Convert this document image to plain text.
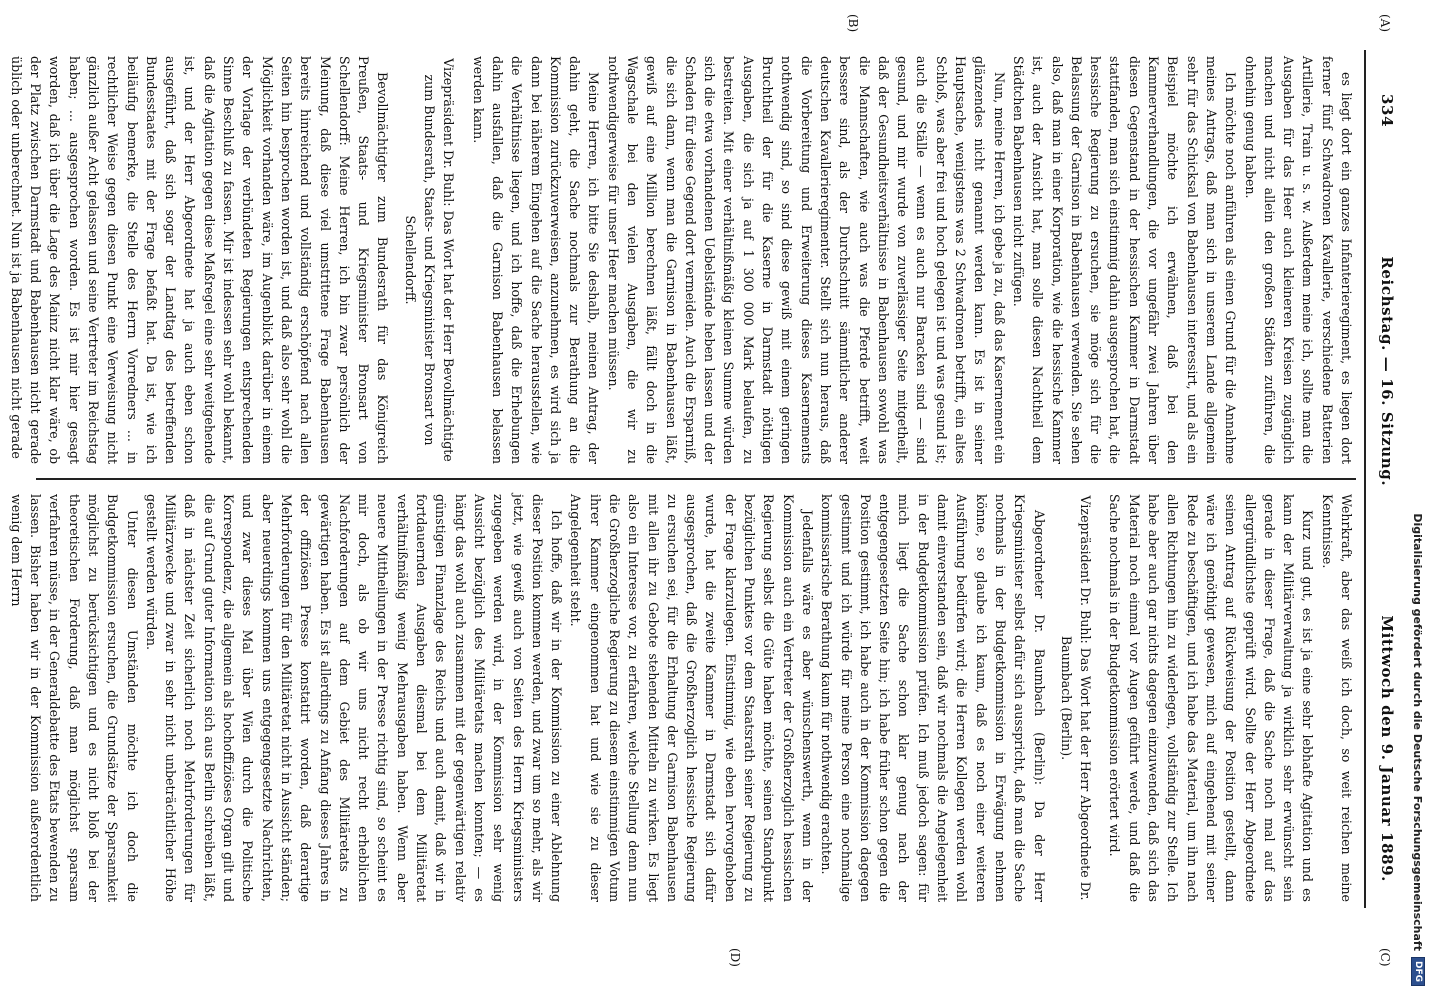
334
Reichstag. — 16. Sitzung.
Mittwoch den 9. Januar 1889.
(A)
(B)
(C)
(D)

es liegt dort ein ganzes Infanterieregiment, es liegen dort ferner fünf Schwadronen Kavallerie, verschiedene Batterien Artillerie, Train u. s. w. Außerdem meine ich, sollte man die Ausgaben für das Heer auch kleineren Kreisen zugänglich machen und nicht allein den großen Städten zuführen, die ohnehin genug haben.

Ich möchte noch anführen als einen Grund für die Annahme meines Antrags, daß man sich in unserem Lande allgemein sehr für das Schicksal von Babenhausen interessirt, und als ein Beispiel möchte ich erwähnen, daß bei den Kammerverhandlungen, die vor ungefähr zwei Jahren über diesen Gegenstand in der hessischen Kammer in Darmstadt stattfanden, man sich einstimmig dahin ausgesprochen hat, die hessische Regierung zu ersuchen, sie möge sich für die Belassung der Garnison in Babenhausen verwenden. Sie sehen also, daß man in einer Korporation, wie die hessische Kammer ist, auch der Ansicht hat, man solle diesen Nachtheil dem Städtchen Babenhausen nicht zufügen.

Nun, meine Herren, ich gebe ja zu, daß das Kasernement ein glänzendes nicht genannt werden kann. Es ist in seiner Hauptsache, wenigstens was 2 Schwadronen betrifft, ein altes Schloß, was aber frei und hoch gelegen ist und was gesund ist; auch die Ställe — wenn es auch nur Baracken sind — sind gesund, und mir wurde von zuverlässiger Seite mitgetheilt, daß der Gesundheitsverhältnisse in Babenhausen sowohl was die Mannschaften, wie auch was die Pferde betrifft, weit bessere sind, als der Durchschnitt sämmtlicher anderer deutschen Kavallerieregimenter. Stellt sich nun heraus, daß die Vorbereitung und Erweiterung dieses Kasernements nothwendig sind, so sind diese gewiß mit einem geringen Bruchtheil der für die Kaserne in Darmstadt nöthigen Ausgaben, die sich ja auf 1 300 000 Mark belaufen, zu bestreiten. Mit einer verhältnißmäßig kleinen Summe würden sich die etwa vorhandenen Uebelstände heben lassen und der Schaden für diese Gegend dort vermeiden. Auch die Ersparniß, die sich dann, wenn man die Garnison in Babenhausen läßt, gewiß auf eine Million berechnen läßt, fällt doch in die Wagschale bei den vielen Ausgaben, die wir zu nothwendigerweise für unser Heer machen müssen.

Meine Herren, ich bitte Sie deshalb, meinen Antrag, der dahin geht, die Sache nochmals zur Berathung an die Kommission zurückzuverweisen, anzunehmen, es wird sich ja dann bei näherem Eingehen auf die Sache herausstellen, wie die Verhältnisse liegen, und ich hoffe, daß die Erhebungen dahin ausfallen, daß die Garnison Babenhausen belassen werden kann.

Vizepräsident Dr. Buhl: Das Wort hat der Herr Bevollmächtigte zum Bundesrath, Staats- und Kriegsminister Bronsart von Schellendorff.

Bevollmächtigter zum Bundesrath für das Königreich Preußen, Staats- und Kriegsminister Bronsart von Schellendorff: Meine Herren, ich bin zwar persönlich der Meinung, daß diese viel umstrittene Frage Babenhausen bereits hinreichend und vollständig erschöpfend nach allen Seiten hin besprochen worden ist, und daß also sehr wohl die Möglichkeit vorhanden wäre, im Augenblick darüber in einem der Vorlage der verbündeten Regierungen entsprechenden Sinne Beschluß zu fassen. Mir ist indessen sehr wohl bekannt, daß die Agitation gegen diese Maßregel eine sehr weitgehende ist, und der Herr Abgeordnete hat ja auch eben schon ausgeführt, daß sich sogar der Landtag des betreffenden Bundesstaates mit der Frage befaßt hat. Da ist, wie ich beiläufig bemerke, die Stelle des Herrn Vorredners ... in rechtlicher Weise gegen diesen Punkt eine Verweisung nicht gänzlich außer Acht gelassen und seine Vertreter im Reichstag haben; ... ausgesprochen worden. Es ist mir hier gesagt worden, daß ich über die Lage des Mainz nicht klar wäre, ob der Platz zwischen Darmstadt und Babenhausen nicht gerade üblich oder unberechnet. Nun ist ja Babenhausen nicht gerade

Wehrkraft, aber das weiß ich doch, so weit reichen meine Kenntnisse.

Kurz und gut, es ist ja eine sehr lebhafte Agitation und es kann der Militärverwaltung ja wirklich sehr erwünscht sein gerade in dieser Frage, daß die Sache noch mal auf das allergründlichste geprüft wird. Sollte der Herr Abgeordnete seinen Antrag auf Rückweisung der Position gestellt, dann wäre ich genöthigt gewesen, mich auf eingehend mit seiner Rede zu beschäftigen, und ich habe das Material, um ihn nach allen Richtungen hin zu widerlegen, vollständig zur Stelle. Ich habe aber auch gar nichts dagegen einzuwenden, daß sich das Material noch einmal vor Augen geführt werde, und daß die Sache nochmals in der Budgetkommission erörtert wird.

Vizepräsident Dr. Buhl: Das Wort hat der Herr Abgeordnete Dr. Baumbach (Berlin).

Abgeordneter Dr. Baumbach (Berlin): Da der Herr Kriegsminister selbst dafür sich ausspricht, daß man die Sache nochmals in der Budgetkommission in Erwägung nehmen könne, so glaube ich kaum, daß es noch einer weiteren Ausführung bedürfen wird; die Herren Kollegen werden wohl damit einverstanden sein, daß wir nochmals die Angelegenheit in der Budgetkommission prüfen. Ich muß jedoch sagen: für mich liegt die Sache schon klar genug nach der entgegengesetzten Seite hin; ich habe früher schon gegen die Position gestimmt, ich habe auch in der Kommission dagegen gestimmt und ich würde für meine Person eine nochmalige kommissarische Berathung kaum für nothwendig erachten.

Jedenfalls wäre es aber wünschenswerth, wenn in der Kommission auch ein Vertreter der Großherzoglich hessischen Regierung selbst die Güte haben möchte, seinen Standpunkt bezüglichen Punktes vor dem Staatsrath seiner Regierung zu der Frage klarzulegen. Einstimmig, wie eben hervorgehoben wurde, hat die zweite Kammer in Darmstadt sich dafür ausgesprochen, daß die Großherzoglich hessische Regierung zu ersuchen sei, für die Erhaltung der Garnison Babenhausen mit allen ihr zu Gebote stehenden Mitteln zu wirken. Es liegt also ein Interesse vor, zu erfahren, welche Stellung denn nun die Großherzogliche Regierung zu diesem einstimmigen Votum ihrer Kammer eingenommen hat und wie sie zu dieser Angelegenheit steht.

Ich hoffe, daß wir in der Kommission zu einer Ablehnung dieser Position kommen werden, und zwar um so mehr, als wir jetzt, wie gewiß auch von Seiten des Herrn Kriegsministers zugegeben werden wird, in der Kommission sehr wenig Aussicht bezüglich des Militäretats machen konnten; — es hängt das wohl auch zusammen mit der gegenwärtigen relativ günstigen Finanzlage des Reichs und auch damit, daß wir in fortdauernden Ausgaben diesmal bei dem Militäretat verhältnißmäßig wenig Mehrausgaben haben. Wenn aber neuere Mittheilungen in der Presse richtig sind, so scheint es mir doch, als ob wir uns nicht recht erheblichen Nachforderungen auf dem Gebiet des Militäretats zu gewärtigen haben. Es ist allerdings zu Anfang dieses Jahres in der offiziösen Presse konstatirt worden, daß derartige Mehrforderungen für den Militäretat nicht in Aussicht ständen; aber neuerdings kommen uns entgegengesetzte Nachrichten, und zwar dieses Mal über Wien durch die Politische Korrespondenz, die allgemein als hochoffiziöses Organ gilt und die auf Grund guter Information sich aus Berlin schreiben läßt, daß in nächster Zeit sicherlich noch Mehrforderungen für Militärzwecke und zwar in sehr nicht unbeträchtlicher Höhe gestellt werden würden.

Unter diesen Umständen möchte ich doch die Budgetkommission ersuchen, die Grundsätze der Sparsamkeit möglichst zu berücksichtigen und es nicht bloß bei der theoretischen Forderung, daß man möglichst sparsam verfahren müsse, in der Generaldebatte des Etats bewenden zu lassen. Bisher haben wir in der Kommission außerordentlich wenig dem Herrn	Digitalisierung gefördert durch die Deutsche Forschungsgemeinschaft
DFG
